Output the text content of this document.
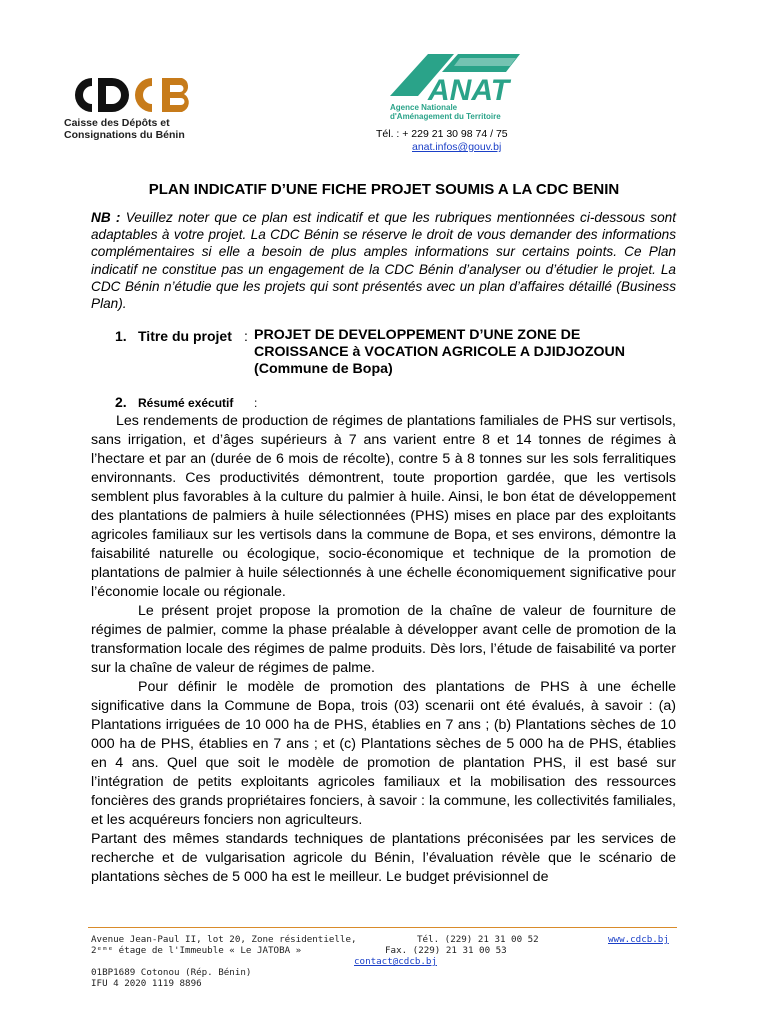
CDCB
Caisse des Dépôts et
Consignations du Bénin
ANAT
Agence Nationale
d'Aménagement du Territoire
Tél. : + 229 21 30 98 74 / 75
anat.infos@gouv.bj
PLAN INDICATIF D’UNE FICHE PROJET SOUMIS A LA CDC BENIN
NB : Veuillez noter que ce plan est indicatif et que les rubriques mentionnées ci-dessous sont adaptables à votre projet. La CDC Bénin se réserve le droit de vous demander des informations complémentaires si elle a besoin de plus amples informations sur certains points. Ce Plan indicatif ne constitue pas un engagement de la CDC Bénin d’analyser ou d’étudier le projet. La CDC Bénin n’étudie que les projets qui sont présentés avec un plan d’affaires détaillé (Business Plan).
1. Titre du projet : PROJET DE DEVELOPPEMENT D’UNE ZONE DE
CROISSANCE à VOCATION AGRICOLE A DJIDJOZOUN
(Commune de Bopa)
2. Résumé exécutif :

Les rendements de production de régimes de plantations familiales de PHS sur vertisols, sans irrigation, et d’âges supérieurs à 7 ans varient entre 8 et 14 tonnes de régimes à l’hectare et par an (durée de 6 mois de récolte), contre 5 à 8 tonnes sur les sols ferralitiques environnants. Ces productivités démontrent, toute proportion gardée, que les vertisols semblent plus favorables à la culture du palmier à huile. Ainsi, le bon état de développement des plantations de palmiers à huile sélectionnées (PHS) mises en place par des exploitants agricoles familiaux sur les vertisols dans la commune de Bopa, et ses environs, démontre la faisabilité naturelle ou écologique, socio-économique et technique de la promotion de plantations de palmier à huile sélectionnés à une échelle économiquement significative pour l’économie locale ou régionale.

Le présent projet propose la promotion de la chaîne de valeur de fourniture de régimes de palmier, comme la phase préalable à développer avant celle de promotion de la transformation locale des régimes de palme produits. Dès lors, l’étude de faisabilité va porter sur la chaîne de valeur de régimes de palme.

Pour définir le modèle de promotion des plantations de PHS à une échelle significative dans la Commune de Bopa, trois (03) scenarii ont été évalués, à savoir : (a) Plantations irriguées de 10 000 ha de PHS, établies en 7 ans ; (b) Plantations sèches de 10 000 ha de PHS, établies en 7 ans ; et (c) Plantations sèches de 5 000 ha de PHS, établies en 4 ans. Quel que soit le modèle de promotion de plantation PHS, il est basé sur l’intégration de petits exploitants agricoles familiaux et la mobilisation des ressources foncières des grands propriétaires fonciers, à savoir : la commune, les collectivités familiales, et les acquéreurs fonciers non agriculteurs.

Partant des mêmes standards techniques de plantations préconisées par les services de recherche et de vulgarisation agricole du Bénin, l’évaluation révèle que le scénario de plantations sèches de 5 000 ha est le meilleur. Le budget prévisionnel de

Avenue Jean-Paul II, lot 20, Zone résidentielle,
2ᵉᵐᵉ étage de l'Immeuble « Le JATOBA »
Tél. (229) 21 31 00 52
Fax. (229) 21 31 00 53
contact@cdcb.bj
www.cdcb.bj
01BP1689 Cotonou (Rép. Bénin)
IFU 4 2020 1119 8896
